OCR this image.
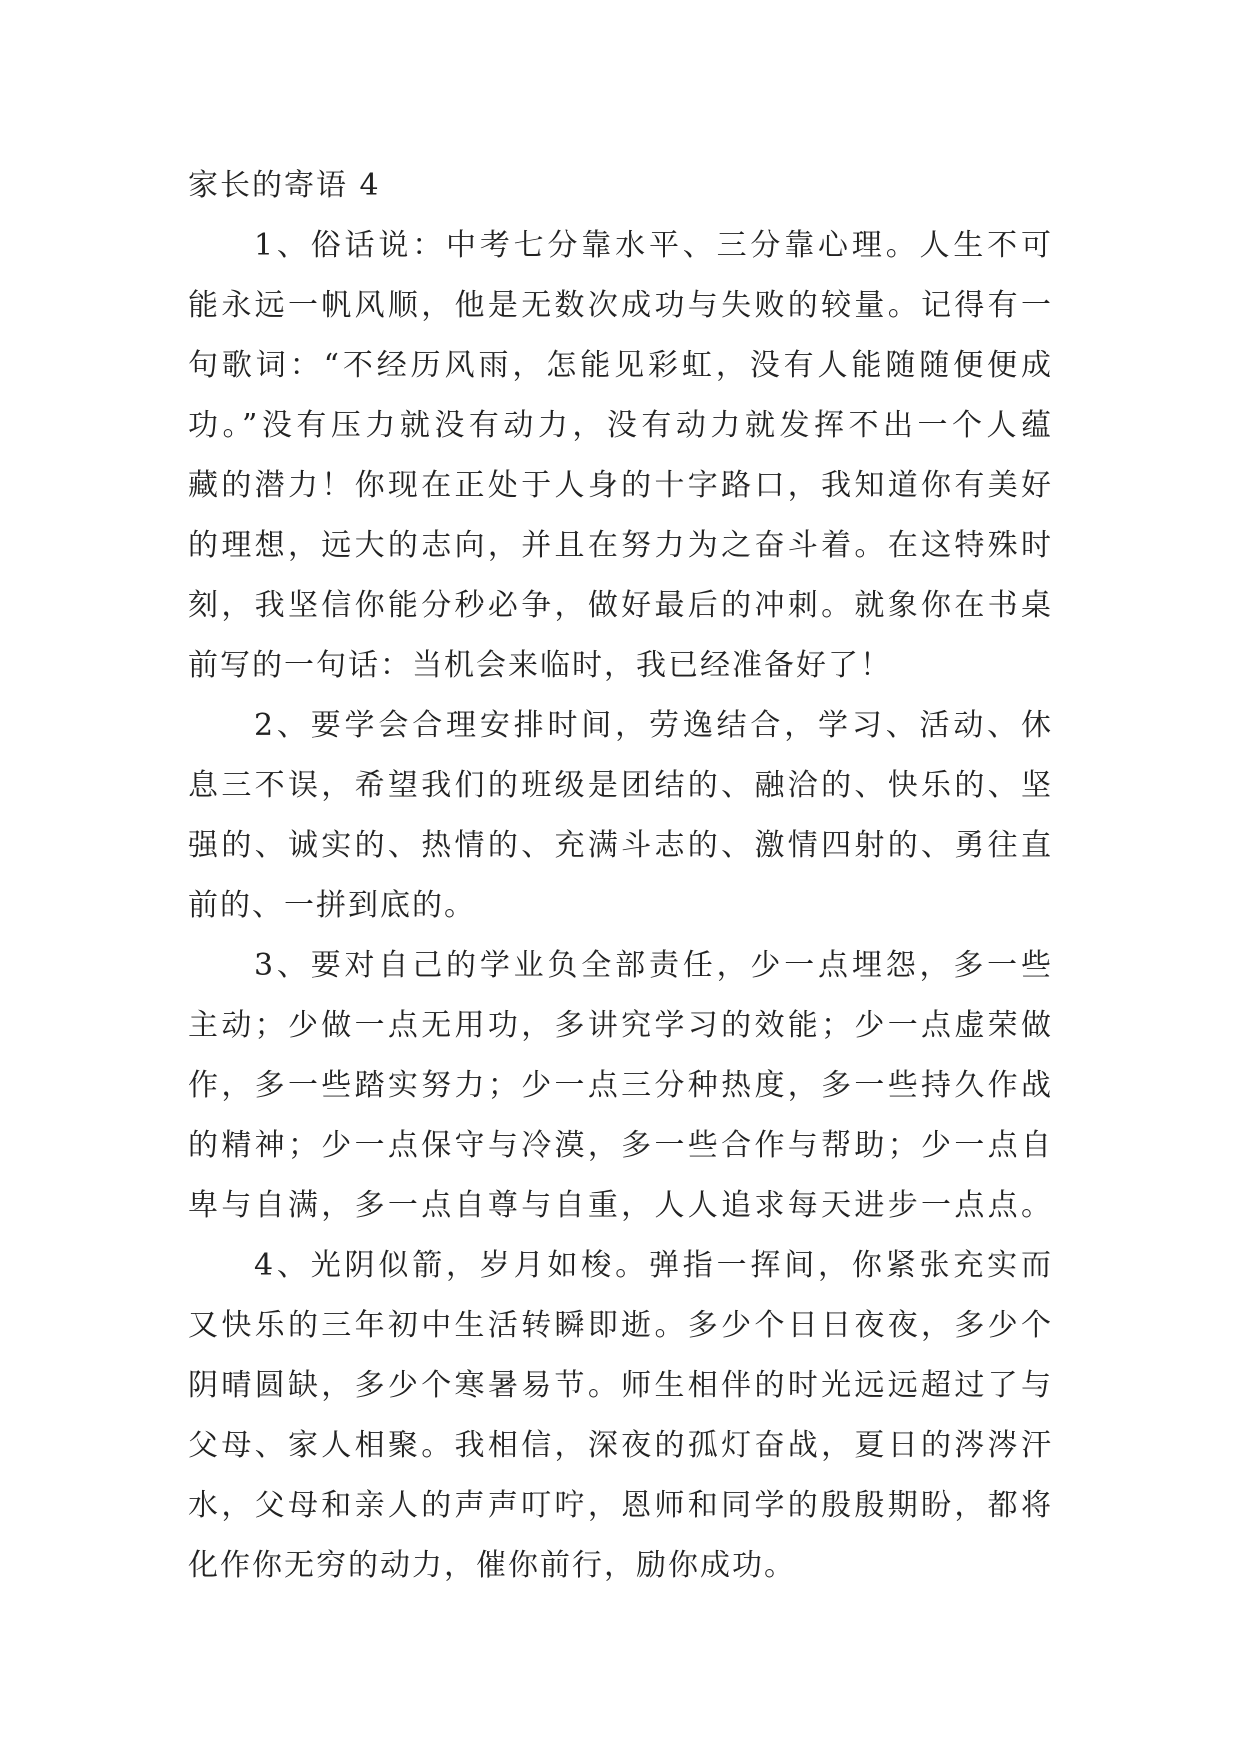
家长的寄语 4
1、俗话说：中考七分靠水平、三分靠心理。人生不可
能永远一帆风顺，他是无数次成功与失败的较量。记得有一
句歌词：“不经历风雨，怎能见彩虹，没有人能随随便便成
功。”没有压力就没有动力，没有动力就发挥不出一个人蕴
藏的潜力！你现在正处于人身的十字路口，我知道你有美好
的理想，远大的志向，并且在努力为之奋斗着。在这特殊时
刻，我坚信你能分秒必争，做好最后的冲刺。就象你在书桌
前写的一句话：当机会来临时，我已经准备好了！
2、要学会合理安排时间，劳逸结合，学习、活动、休
息三不误，希望我们的班级是团结的、融洽的、快乐的、坚
强的、诚实的、热情的、充满斗志的、激情四射的、勇往直
前的、一拼到底的。
3、要对自己的学业负全部责任，少一点埋怨，多一些
主动；少做一点无用功，多讲究学习的效能；少一点虚荣做
作，多一些踏实努力；少一点三分种热度，多一些持久作战
的精神；少一点保守与冷漠，多一些合作与帮助；少一点自
卑与自满，多一点自尊与自重，人人追求每天进步一点点。
4、光阴似箭，岁月如梭。弹指一挥间，你紧张充实而
又快乐的三年初中生活转瞬即逝。多少个日日夜夜，多少个
阴晴圆缺，多少个寒暑易节。师生相伴的时光远远超过了与
父母、家人相聚。我相信，深夜的孤灯奋战，夏日的涔涔汗
水，父母和亲人的声声叮咛，恩师和同学的殷殷期盼，都将
化作你无穷的动力，催你前行，励你成功。
